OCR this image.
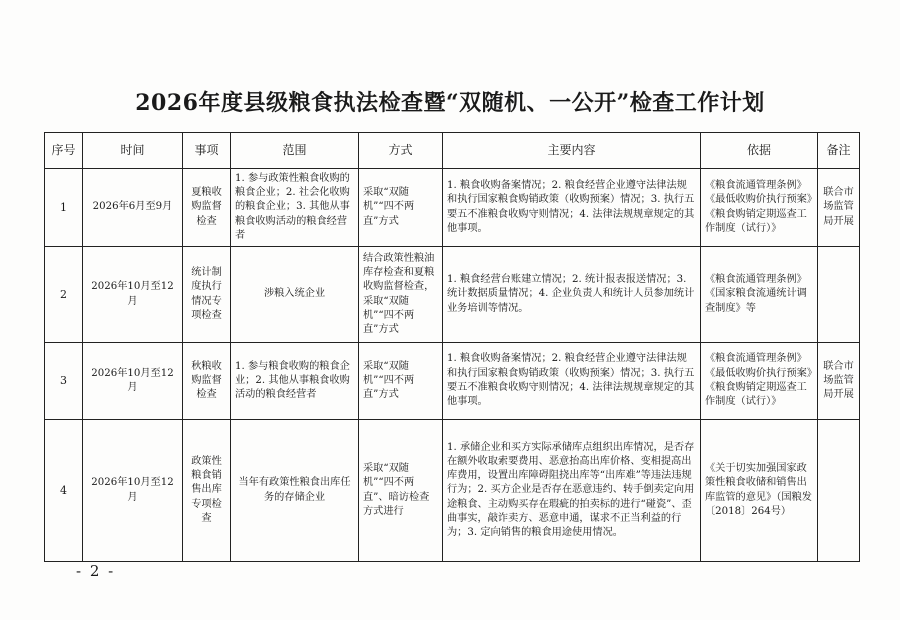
2026年度县级粮食执法检查暨“双随机、一公开”检查工作计划
序号	时间	事项	范围	方式	主要内容	依据	备注
1	2026年6月至9月	夏粮收购监督检查	1. 参与政策性粮食收购的粮食企业；2. 社会化收购的粮食企业；3. 其他从事粮食收购活动的粮食经营者	采取“双随机”“四不两直”方式	1. 粮食收购备案情况；2. 粮食经营企业遵守法律法规和执行国家粮食购销政策（收购预案）情况；3. 执行五要五不准粮食收购守则情况；4. 法律法规规章规定的其他事项。	《粮食流通管理条例》《最低收购价执行预案》《粮食购销定期巡查工作制度（试行）》	联合市场监管局开展
2	2026年10月至12月	统计制度执行情况专项检查	涉粮入统企业	结合政策性粮油库存检查和夏粮收购监督检查，采取“双随机”“四不两直”方式	1. 粮食经营台账建立情况；2. 统计报表报送情况；3. 统计数据质量情况；4. 企业负责人和统计人员参加统计业务培训等情况。	《粮食流通管理条例》《国家粮食流通统计调查制度》等	
3	2026年10月至12月	秋粮收购监督检查	1. 参与粮食收购的粮食企业；2. 其他从事粮食收购活动的粮食经营者	采取“双随机”“四不两直”方式	1. 粮食收购备案情况；2. 粮食经营企业遵守法律法规和执行国家粮食购销政策（收购预案）情况；3. 执行五要五不准粮食收购守则情况；4. 法律法规规章规定的其他事项。	《粮食流通管理条例》《最低收购价执行预案》《粮食购销定期巡查工作制度（试行）》	联合市场监管局开展
4	2026年10月至12月	政策性粮食销售出库专项检查	当年有政策性粮食出库任务的存储企业	采取“双随机”“四不两直”、暗访检查方式进行	1. 承储企业和买方实际承储库点组织出库情况，是否存在额外收取索要费用、恶意抬高出库价格、变相提高出库费用，设置出库障碍阻挠出库等“出库难”等违法违规行为；2. 买方企业是否存在恶意违约、转手倒卖定向用途粮食、主动购买存在瑕疵的拍卖标的进行“碰瓷”、歪曲事实，敲诈卖方、恶意申通，谋求不正当利益的行为；3. 定向销售的粮食用途使用情况。	《关于切实加强国家政策性粮食收储和销售出库监管的意见》（国粮发〔2018〕264号）	
- 2 -
